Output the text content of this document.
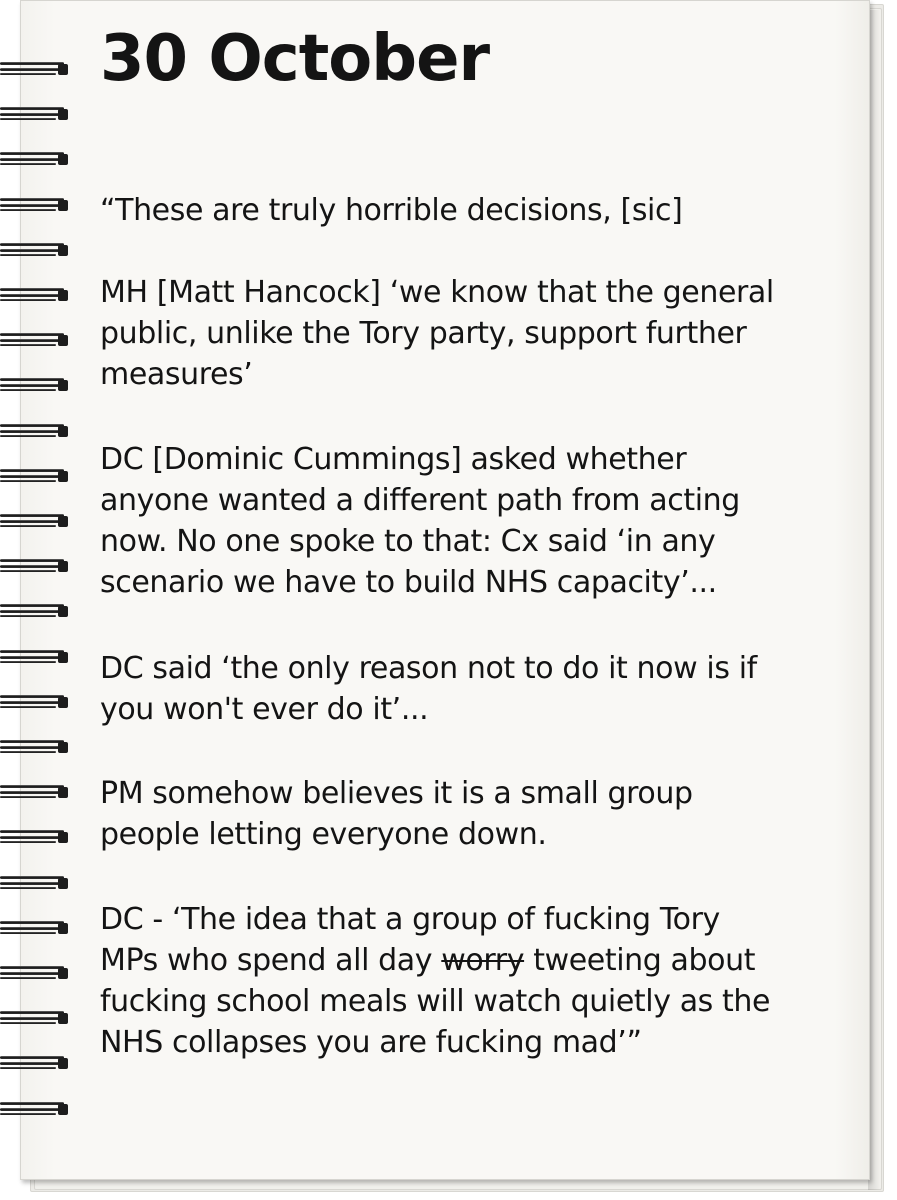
30 October

“These are truly horrible decisions, [sic]

MH [Matt Hancock] ‘we know that the general
public, unlike the Tory party, support further
measures’

DC [Dominic Cummings] asked whether
anyone wanted a different path from acting
now. No one spoke to that: Cx said ‘in any
scenario we have to build NHS capacity’...

DC said ‘the only reason not to do it now is if
you won't ever do it’...

PM somehow believes it is a small group
people letting everyone down.

DC - ‘The idea that a group of fucking Tory
MPs who spend all day worry tweeting about
fucking school meals will watch quietly as the
NHS collapses you are fucking mad’”
